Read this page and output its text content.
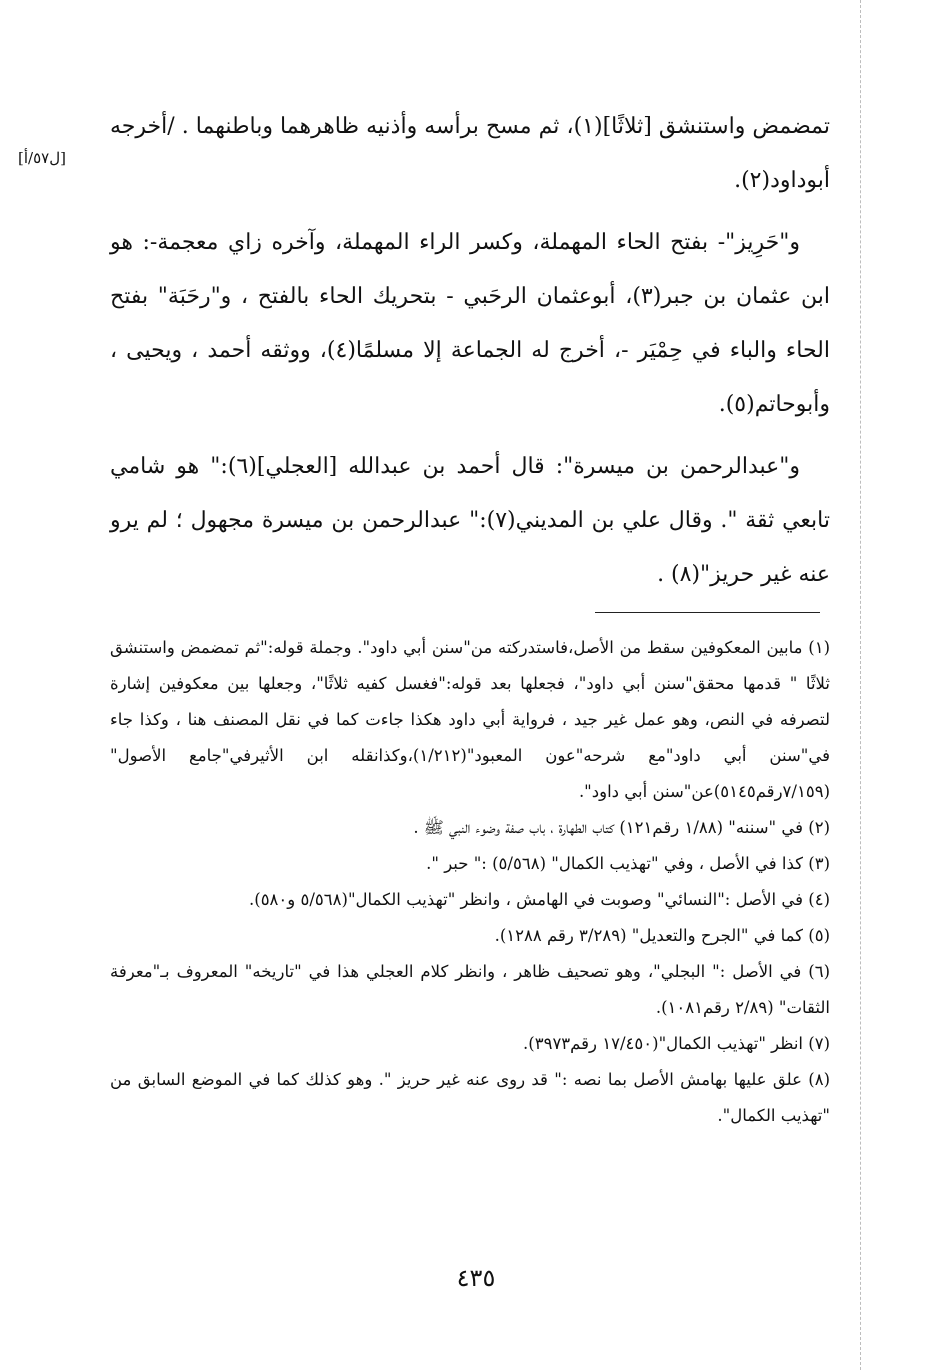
[ل٥٧/أ]

تمضمض واستنشق [ثلاثًا](١)، ثم مسح برأسه وأذنيه ظاهرهما وباطنهما . /أخرجه أبوداود(٢).

و"حَرِيز"- بفتح الحاء المهملة، وكسر الراء المهملة، وآخره زاي معجمة-: هو ابن عثمان بن جبر(٣)، أبوعثمان الرحَبي - بتحريك الحاء بالفتح ، و"رحَبَة" بفتح الحاء والباء في حِمْيَر -، أخرج له الجماعة إلا مسلمًا(٤)، ووثقه أحمد ، ويحيى ، وأبوحاتم(٥).

و"عبدالرحمن بن ميسرة": قال أحمد بن عبدالله [العجلي](٦):" هو شامي تابعي ثقة ". وقال علي بن المديني(٧):" عبدالرحمن بن ميسرة مجهول ؛ لم يرو عنه غير حريز"(٨) .

(١) مابين المعكوفين سقط من الأصل،فاستدركته من"سنن أبي داود". وجملة قوله:"ثم تمضمض واستنشق ثلاثًا " قدمها محقق"سنن أبي داود"، فجعلها بعد قوله:"فغسل كفيه ثلاثًا"، وجعلها بين معكوفين إشارة لتصرفه في النص، وهو عمل غير جيد ، فرواية أبي داود هكذا جاءت كما في نقل المصنف هنا ، وكذا جاء في"سنن أبي داود"مع شرحه"عون المعبود"(١/٢١٢)،وكذانقله ابن الأثيرفي"جامع الأصول"(٧/١٥٩رقم٥١٤٥)عن"سنن أبي داود".

(٢) في "سننه" (١/٨٨ رقم١٢١) كتاب الطهارة ، باب صفة وضوء النبي ﷺ .

(٣) كذا في الأصل ، وفي "تهذيب الكمال" (٥/٥٦٨) :" حبر ".

(٤) في الأصل :"النسائي" وصوبت في الهامش ، وانظر "تهذيب الكمال"(٥/٥٦٨ و٥٨٠).

(٥) كما في "الجرح والتعديل" (٣/٢٨٩ رقم ١٢٨٨).

(٦) في الأصل :" البجلي"، وهو تصحيف ظاهر ، وانظر كلام العجلي هذا في "تاريخه" المعروف بـ"معرفة الثقات" (٢/٨٩ رقم١٠٨١).

(٧) انظر "تهذيب الكمال"(١٧/٤٥٠ رقم٣٩٧٣).

(٨) علق عليها بهامش الأصل بما نصه :" قد روى عنه غير حريز ". وهو كذلك كما في الموضع السابق من "تهذيب الكمال".

٤٣٥
